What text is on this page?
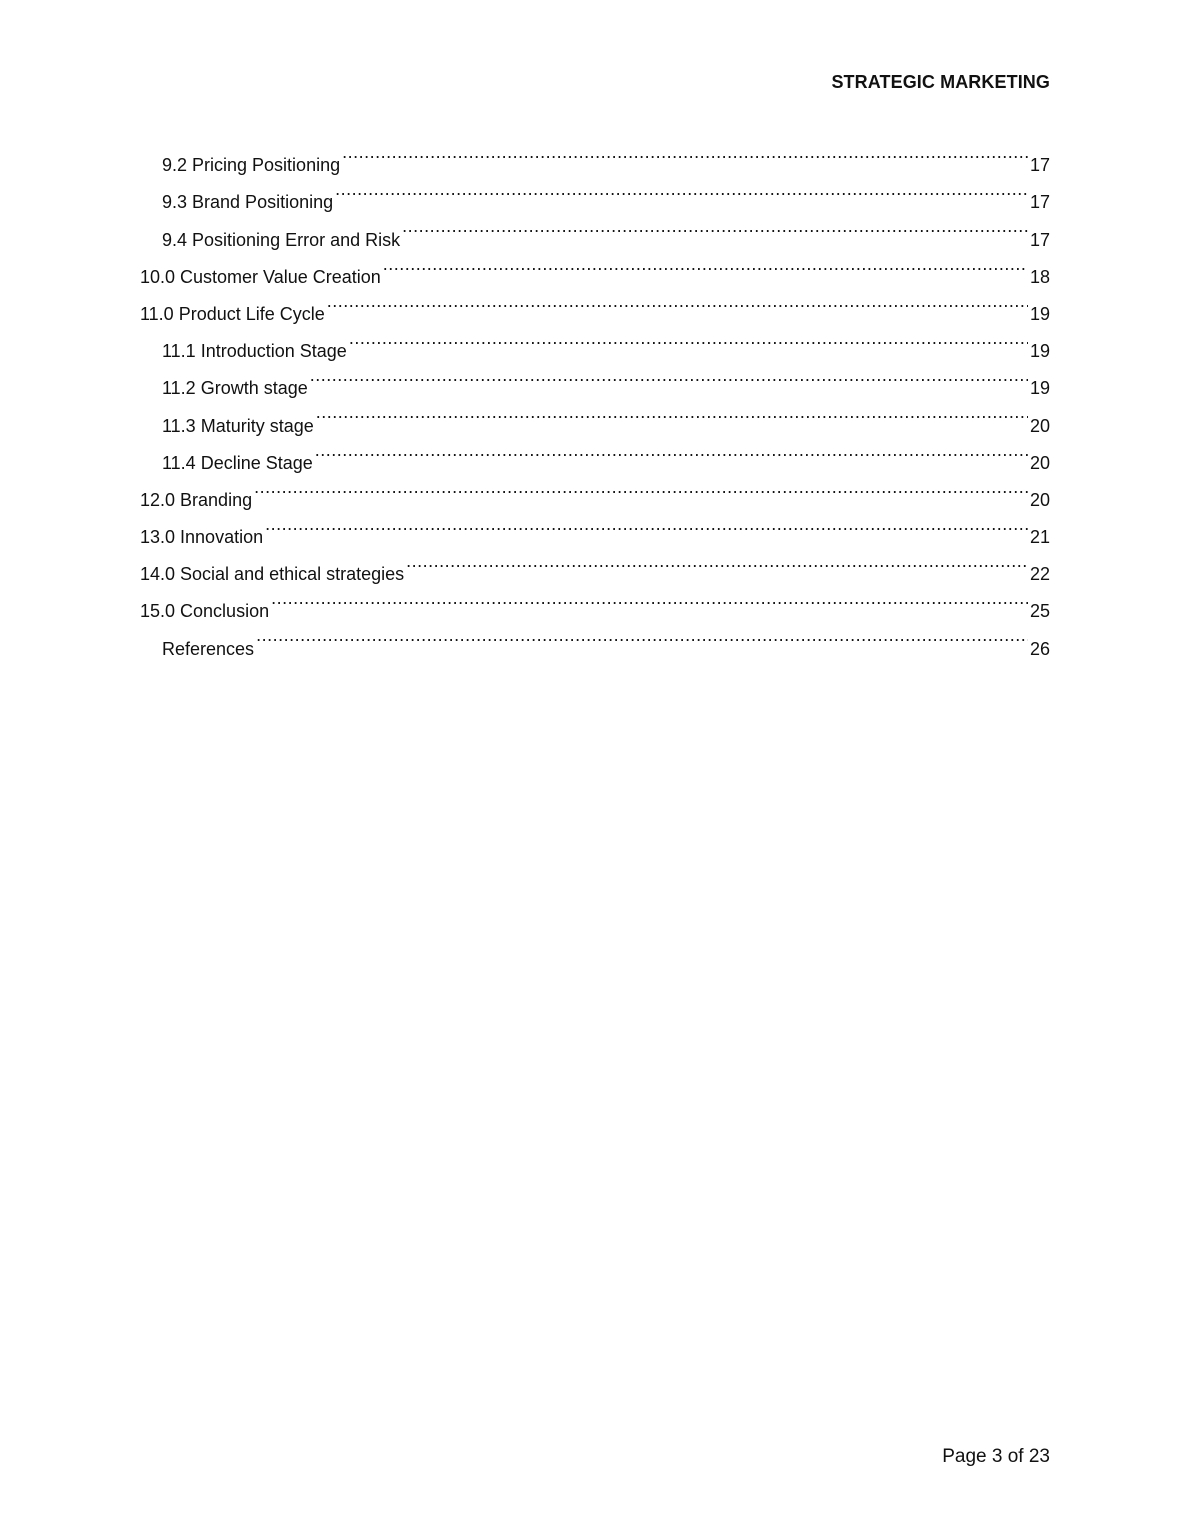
STRATEGIC MARKETING
9.2 Pricing Positioning .....	17
9.3 Brand Positioning .....	17
9.4 Positioning Error and Risk .....	17
10.0 Customer Value Creation .....	18
11.0 Product Life Cycle .....	19
11.1 Introduction Stage .....	19
11.2 Growth stage .....	19
11.3 Maturity stage .....	20
11.4 Decline Stage .....	20
12.0 Branding .....	20
13.0 Innovation .....	21
14.0 Social and ethical strategies .....	22
15.0 Conclusion .....	25
References .....	26
Page 3 of 23
